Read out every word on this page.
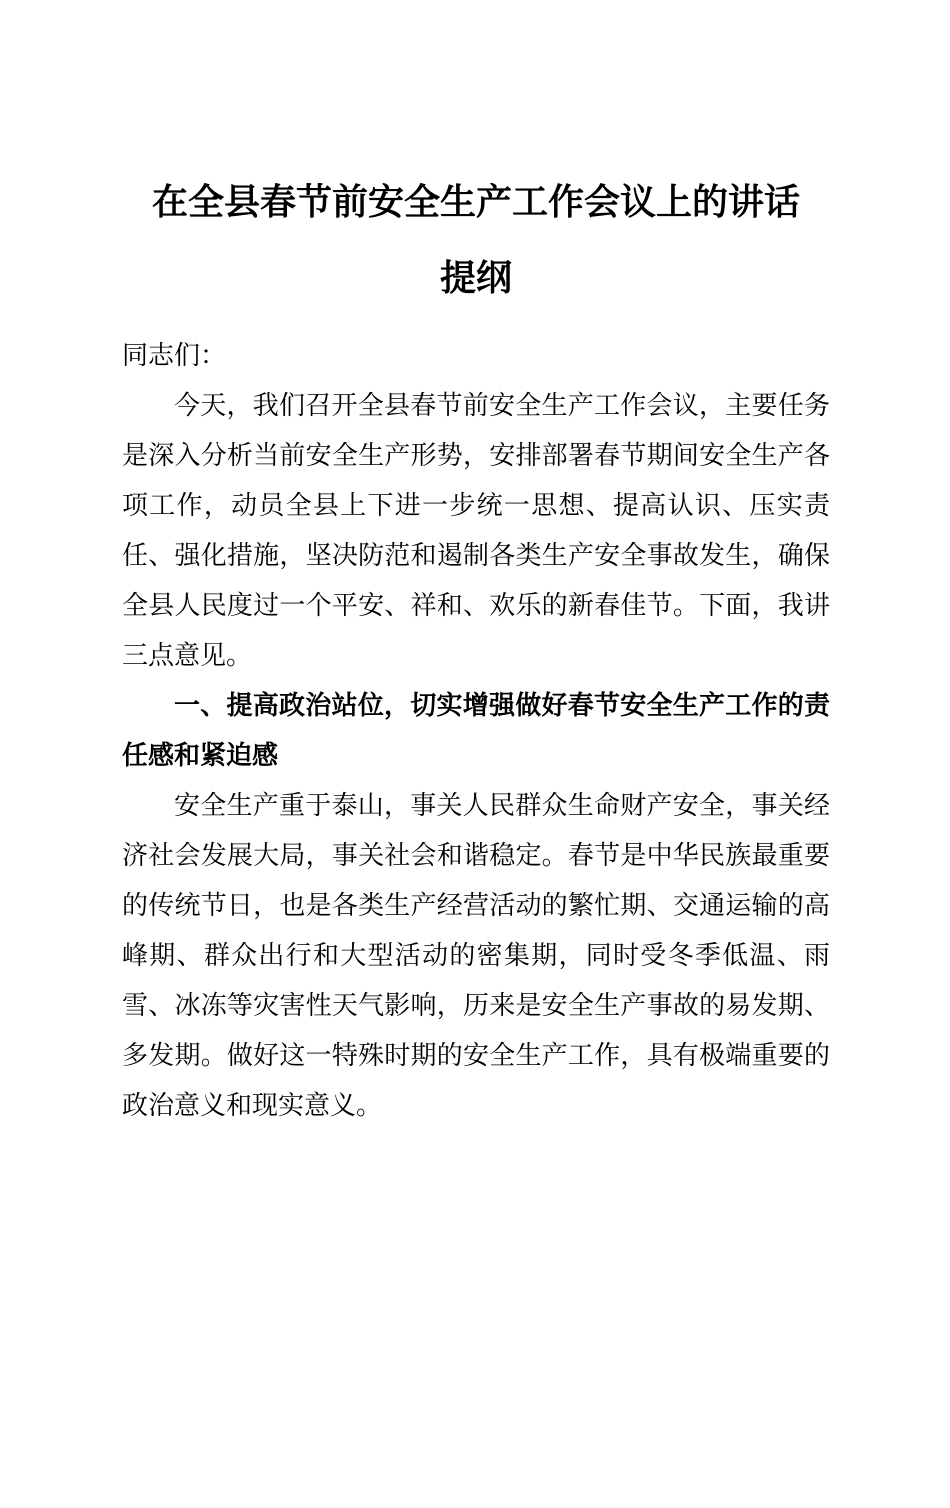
在全县春节前安全生产工作会议上的讲话
提纲
同志们：
今天，我们召开全县春节前安全生产工作会议，主要任务
是深入分析当前安全生产形势，安排部署春节期间安全生产各
项工作，动员全县上下进一步统一思想、提高认识、压实责
任、强化措施，坚决防范和遏制各类生产安全事故发生，确保
全县人民度过一个平安、祥和、欢乐的新春佳节。下面，我讲
三点意见。
一、提高政治站位，切实增强做好春节安全生产工作的责
任感和紧迫感
安全生产重于泰山，事关人民群众生命财产安全，事关经
济社会发展大局，事关社会和谐稳定。春节是中华民族最重要
的传统节日，也是各类生产经营活动的繁忙期、交通运输的高
峰期、群众出行和大型活动的密集期，同时受冬季低温、雨
雪、冰冻等灾害性天气影响，历来是安全生产事故的易发期、
多发期。做好这一特殊时期的安全生产工作，具有极端重要的
政治意义和现实意义。
